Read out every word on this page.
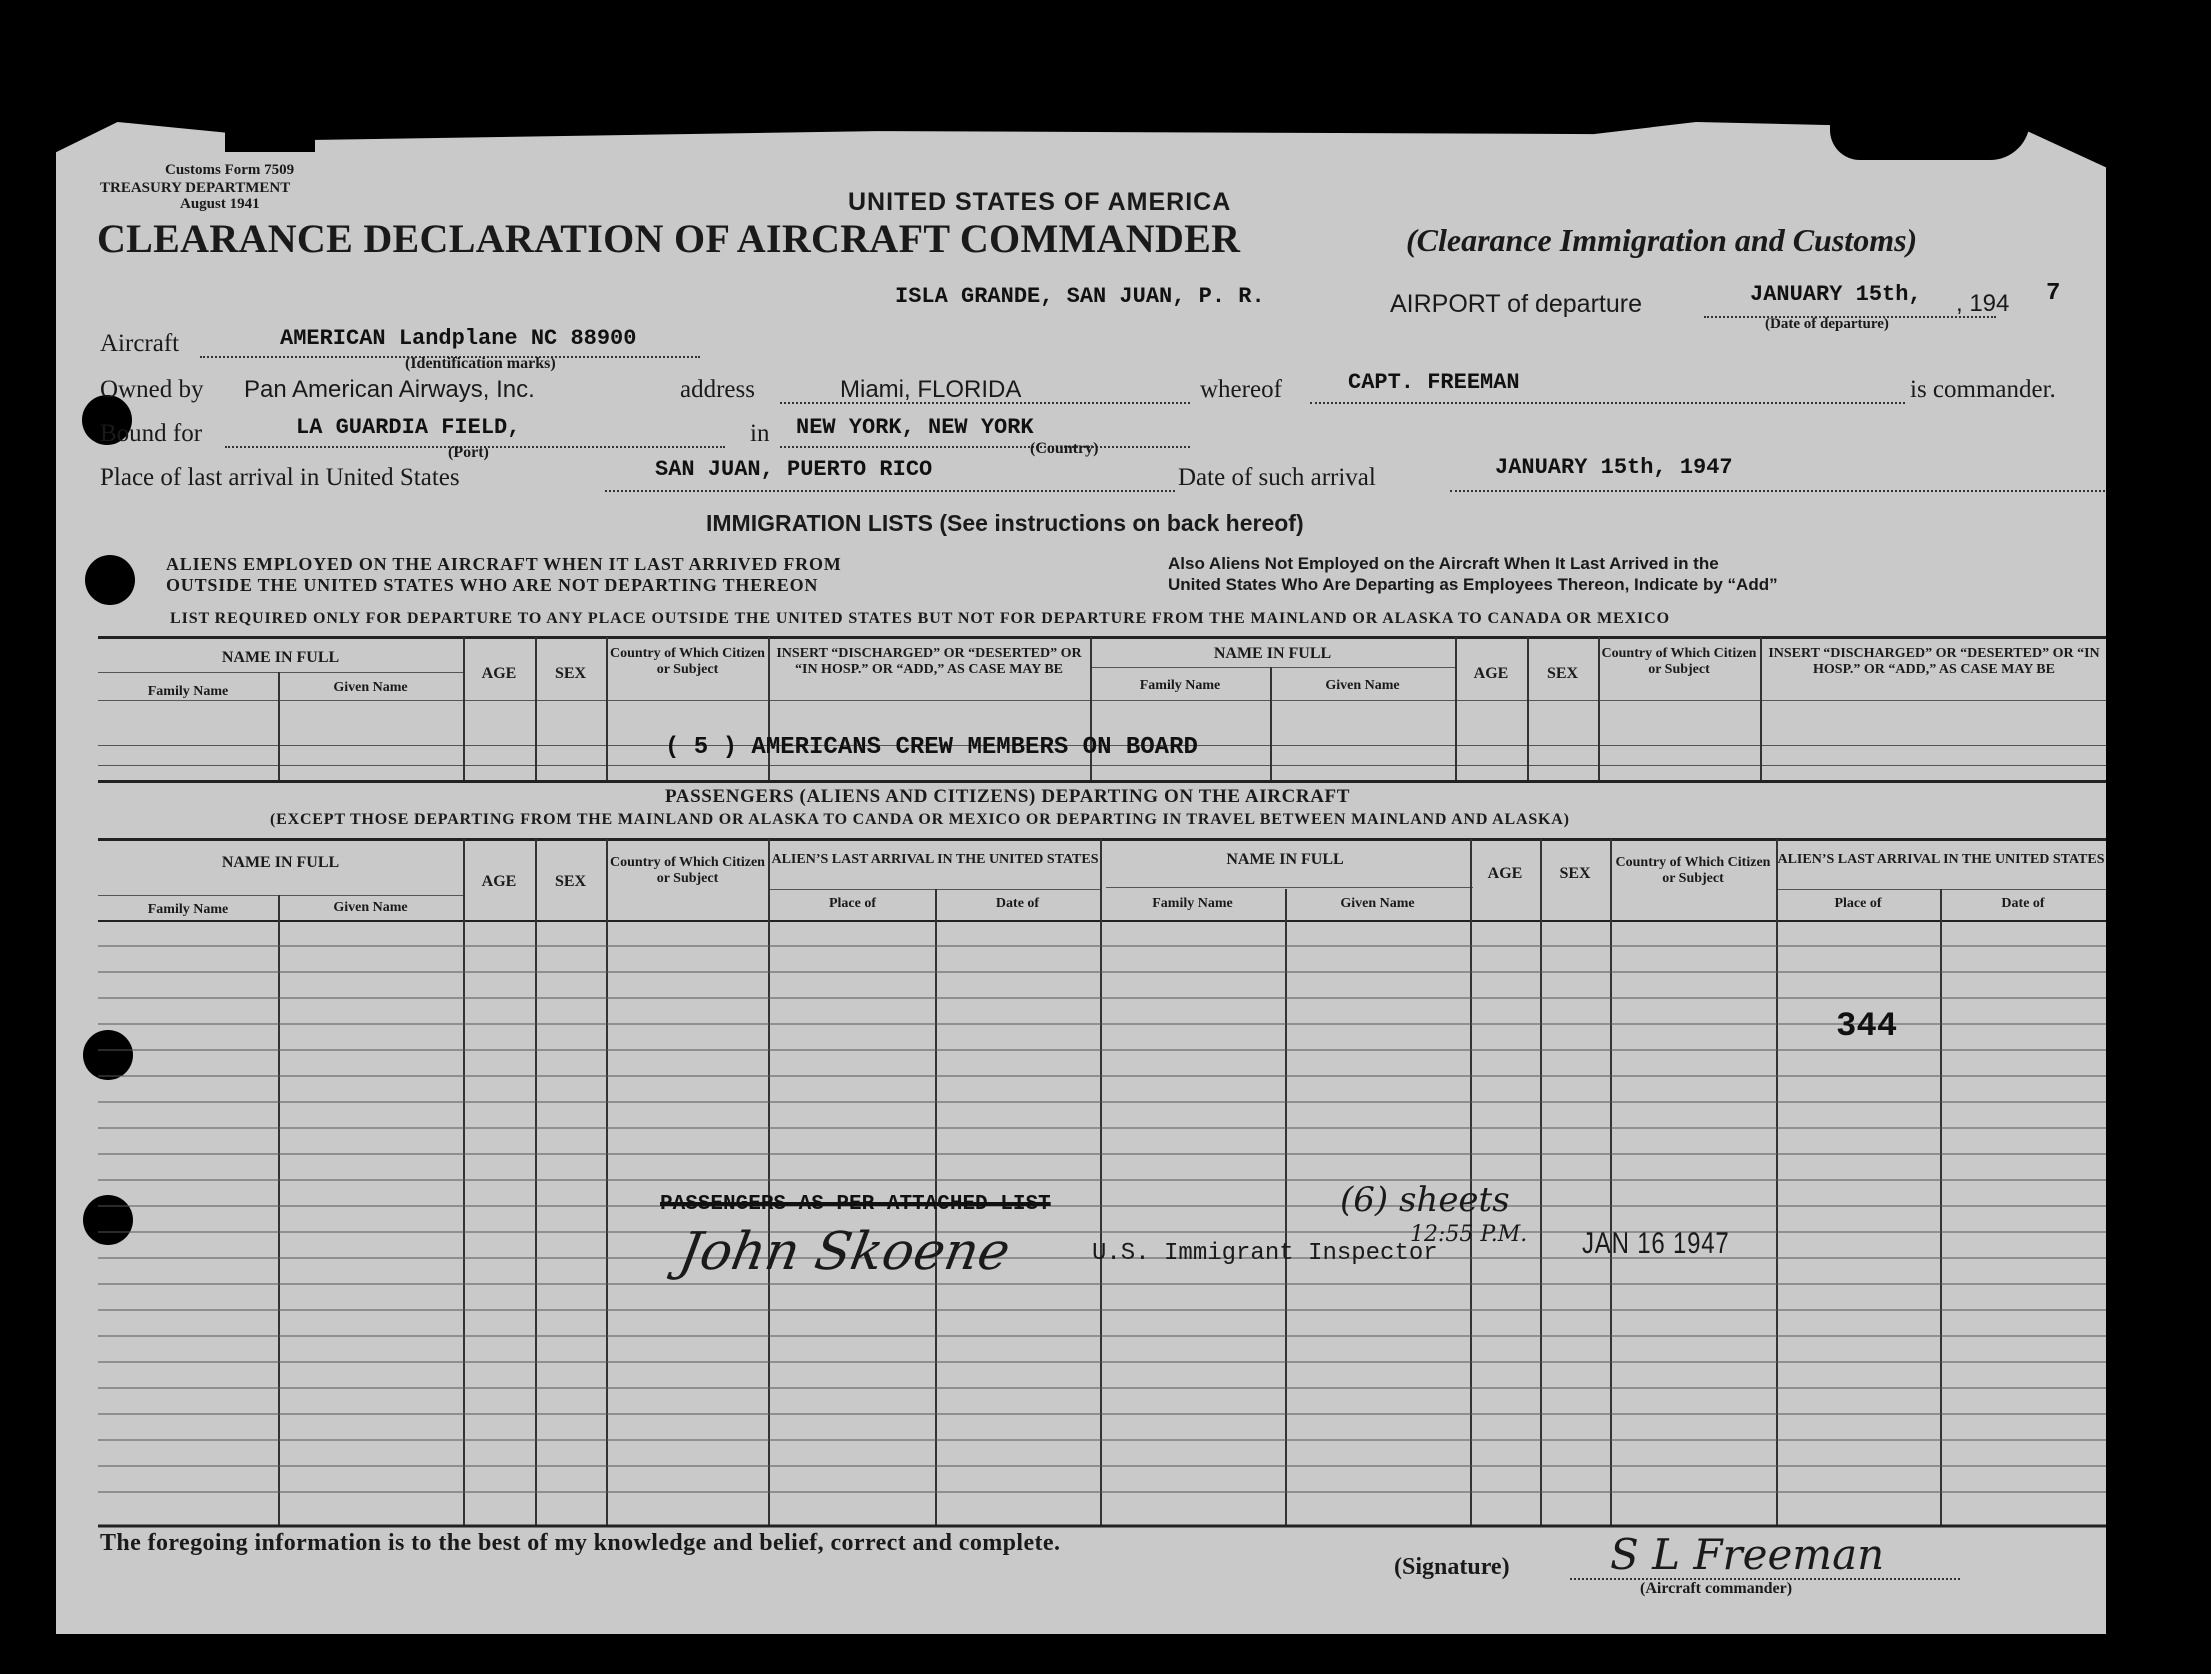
Customs Form 7509
TREASURY DEPARTMENT
August 1941	UNITED STATES OF AMERICA
CLEARANCE DECLARATION OF AIRCRAFT COMMANDER	(Clearance Immigration and Customs)
ISLA GRANDE, SAN JUAN, P. R.	AIRPORT of departure	JANUARY 15th, , 194 7
(Date of departure)
Aircraft	AMERICAN Landplane NC 88900
(Identification marks)
Owned by Pan American Airways, Inc.	address	Miami, FLORIDA	whereof	CAPT. FREEMAN	is commander.
Bound for	LA GUARDIA FIELD,	in NEW YORK, NEW YORK
(Port)	(Country)
Place of last arrival in United States	SAN JUAN, PUERTO RICO	Date of such arrival	JANUARY 15th, 1947
IMMIGRATION LISTS (See instructions on back hereof)
ALIENS EMPLOYED ON THE AIRCRAFT WHEN IT LAST ARRIVED FROM
OUTSIDE THE UNITED STATES WHO ARE NOT DEPARTING THEREON
Also Aliens Not Employed on the Aircraft When It Last Arrived in the
United States Who Are Departing as Employees Thereon, Indicate by “Add”
LIST REQUIRED ONLY FOR DEPARTURE TO ANY PLACE OUTSIDE THE UNITED STATES BUT NOT FOR DEPARTURE FROM THE MAINLAND OR ALASKA TO CANADA OR MEXICO
NAME IN FULL
Family Name	Given Name
AGE	SEX
Country of Which Citizen or Subject
INSERT “DISCHARGED” OR “DESERTED” OR “IN HOSP.” OR “ADD,” AS CASE MAY BE
NAME IN FULL
Family Name	Given Name
AGE	SEX
Country of Which Citizen or Subject
INSERT “DISCHARGED” OR “DESERTED” OR “IN HOSP.” OR “ADD,” AS CASE MAY BE
( 5 ) AMERICANS CREW MEMBERS ON BOARD
PASSENGERS (ALIENS AND CITIZENS) DEPARTING ON THE AIRCRAFT
(EXCEPT THOSE DEPARTING FROM THE MAINLAND OR ALASKA TO CANDA OR MEXICO OR DEPARTING IN TRAVEL BETWEEN MAINLAND AND ALASKA)
NAME IN FULL
Family Name	Given Name
AGE	SEX
Country of Which Citizen or Subject
ALIEN’S LAST ARRIVAL IN THE UNITED STATES
Place of	Date of
NAME IN FULL
Family Name	Given Name
AGE	SEX
Country of Which Citizen or Subject
ALIEN’S LAST ARRIVAL IN THE UNITED STATES
Place of	Date of
344
PASSENGERS AS PER ATTACHED LIST	(6) sheets
12:55 P.M.
John Skoene	U.S. Immigrant Inspector	JAN 16 1947
The foregoing information is to the best of my knowledge and belief, correct and complete.
(Signature) S L Freeman
(Aircraft commander)
